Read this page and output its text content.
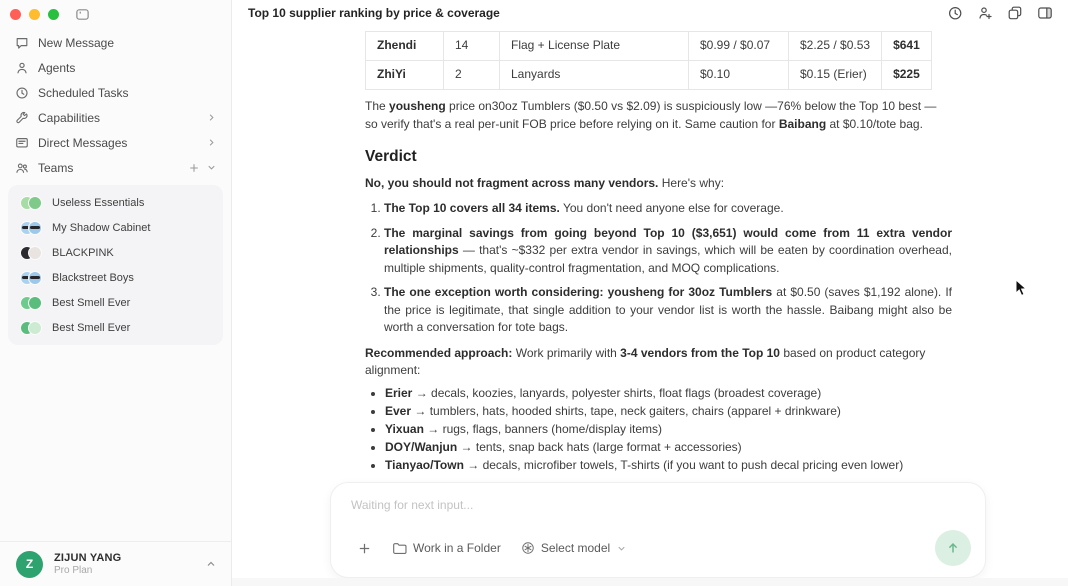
New Message
Agents
Scheduled Tasks
Capabilities
Direct Messages
Teams
Useless Essentials
My Shadow Cabinet
BLACKPINK
Blackstreet Boys
Best Smell Ever
Best Smell Ever
Z	ZIJUN YANG
Pro Plan
Top 10 supplier ranking by price & coverage
Zhendi	14	Flag + License Plate	$0.99 / $0.07	$2.25 / $0.53	$641
ZhiYi	2	Lanyards	$0.10	$0.15 (Erier)	$225

The yousheng price on30oz Tumblers ($0.50 vs $2.09) is suspiciously low —76% below the Top 10 best — so verify that's a real per-unit FOB price before relying on it. Same caution for Baibang at $0.10/tote bag.

Verdict

No, you should not fragment across many vendors. Here's why:

1. The Top 10 covers all 34 items. You don't need anyone else for coverage.
2. The marginal savings from going beyond Top 10 ($3,651) would come from 11 extra vendor relationships — that's ~$332 per extra vendor in savings, which will be eaten by coordination overhead, multiple shipments, quality-control fragmentation, and MOQ complications.
3. The one exception worth considering: yousheng for 30oz Tumblers at $0.50 (saves $1,192 alone). If the price is legitimate, that single addition to your vendor list is worth the hassle. Baibang might also be worth a conversation for tote bags.

Recommended approach: Work primarily with 3-4 vendors from the Top 10 based on product category alignment:

• Erier → decals, koozies, lanyards, polyester shirts, float flags (broadest coverage)
• Ever → tumblers, hats, hooded shirts, tape, neck gaiters, chairs (apparel + drinkware)
• Yixuan → rugs, flags, banners (home/display items)
• DOY/Wanjun → tents, snap back hats (large format + accessories)
• Tianyao/Town → decals, microfiber towels, T-shirts (if you want to push decal pricing even lower)

Waiting for next input...
Work in a Folder	Select model
